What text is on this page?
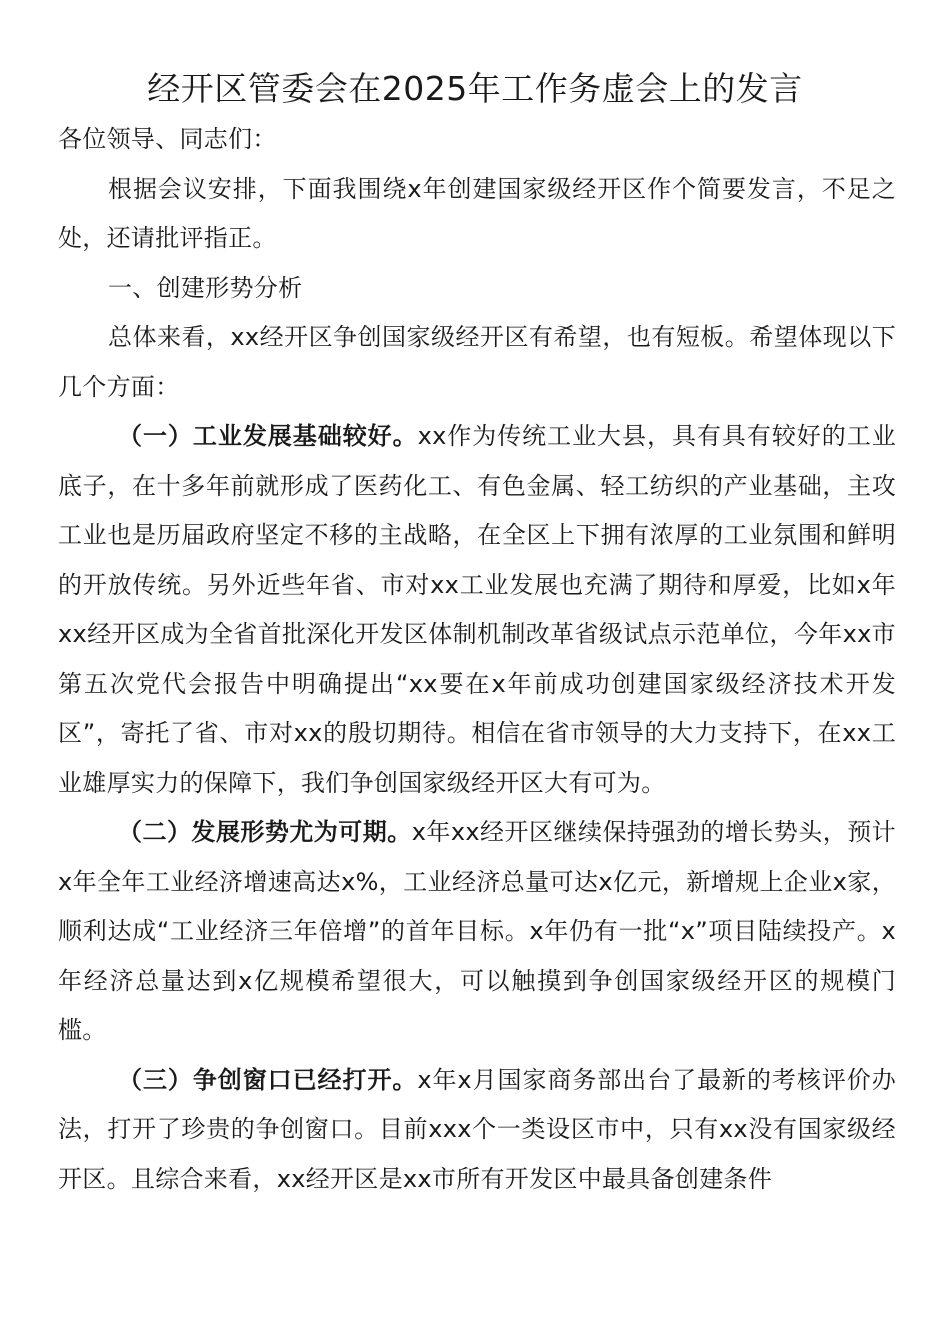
经开区管委会在2025年工作务虚会上的发言

各位领导、同志们：

根据会议安排，下面我围绕x年创建国家级经开区作个简要发言，不足之处，还请批评指正。

一、创建形势分析

总体来看，xx经开区争创国家级经开区有希望，也有短板。希望体现以下几个方面：

（一）工业发展基础较好。xx作为传统工业大县，具有具有较好的工业底子，在十多年前就形成了医药化工、有色金属、轻工纺织的产业基础，主攻工业也是历届政府坚定不移的主战略，在全区上下拥有浓厚的工业氛围和鲜明的开放传统。另外近些年省、市对xx工业发展也充满了期待和厚爱，比如x年xx经开区成为全省首批深化开发区体制机制改革省级试点示范单位，今年xx市第五次党代会报告中明确提出“xx要在x年前成功创建国家级经济技术开发区”，寄托了省、市对xx的殷切期待。相信在省市领导的大力支持下，在xx工业雄厚实力的保障下，我们争创国家级经开区大有可为。

（二）发展形势尤为可期。x年xx经开区继续保持强劲的增长势头，预计x年全年工业经济增速高达x%，工业经济总量可达x亿元，新增规上企业x家，顺利达成“工业经济三年倍增”的首年目标。x年仍有一批“x”项目陆续投产。x年经济总量达到x亿规模希望很大，可以触摸到争创国家级经开区的规模门槛。

（三）争创窗口已经打开。x年x月国家商务部出台了最新的考核评价办法，打开了珍贵的争创窗口。目前xxx个一类设区市中，只有xx没有国家级经开区。且综合来看，xx经开区是xx市所有开发区中最具备创建条件
